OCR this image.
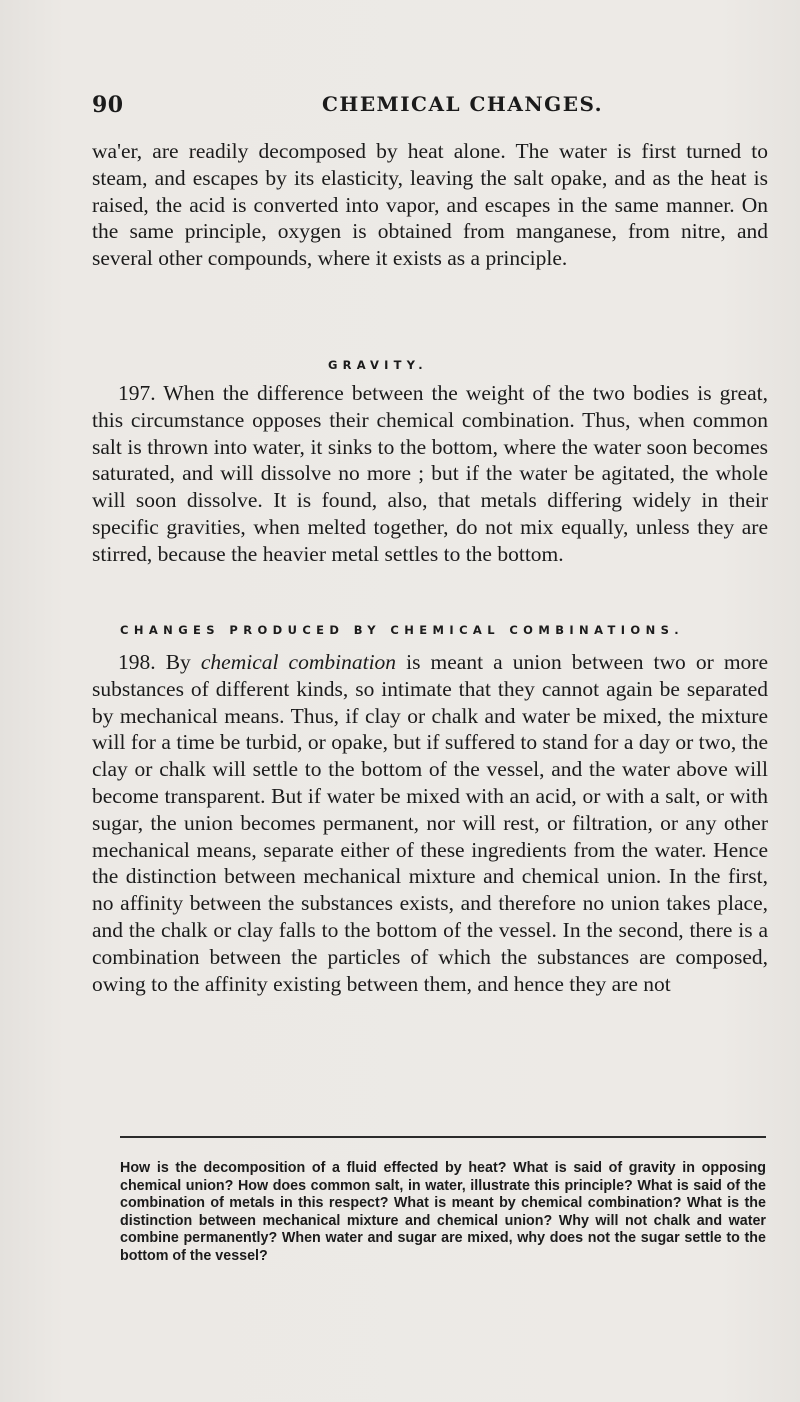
90	CHEMICAL CHANGES.

wa'er, are readily decomposed by heat alone. The water is first turned to steam, and escapes by its elasticity, leaving the salt opake, and as the heat is raised, the acid is converted into vapor, and escapes in the same manner. On the same principle, oxygen is obtained from manganese, from nitre, and several other compounds, where it exists as a principle.

GRAVITY.

197. When the difference between the weight of the two bodies is great, this circumstance opposes their chemical combination. Thus, when common salt is thrown into water, it sinks to the bottom, where the water soon becomes saturated, and will dissolve no more ; but if the water be agitated, the whole will soon dissolve. It is found, also, that metals differing widely in their specific gravities, when melted together, do not mix equally, unless they are stirred, because the heavier metal settles to the bottom.

CHANGES PRODUCED BY CHEMICAL COMBINATIONS.

198. By chemical combination is meant a union between two or more substances of different kinds, so intimate that they cannot again be separated by mechanical means. Thus, if clay or chalk and water be mixed, the mixture will for a time be turbid, or opake, but if suffered to stand for a day or two, the clay or chalk will settle to the bottom of the vessel, and the water above will become transparent. But if water be mixed with an acid, or with a salt, or with sugar, the union becomes permanent, nor will rest, or filtration, or any other mechanical means, separate either of these ingredients from the water. Hence the distinction between mechanical mixture and chemical union. In the first, no affinity between the substances exists, and therefore no union takes place, and the chalk or clay falls to the bottom of the vessel. In the second, there is a combination between the particles of which the substances are composed, owing to the affinity existing between them, and hence they are not

How is the decomposition of a fluid effected by heat? What is said of gravity in opposing chemical union? How does common salt, in water, illustrate this principle? What is said of the combination of metals in this respect? What is meant by chemical combination? What is the distinction between mechanical mixture and chemical union? Why will not chalk and water combine permanently? When water and sugar are mixed, why does not the sugar settle to the bottom of the vessel?
